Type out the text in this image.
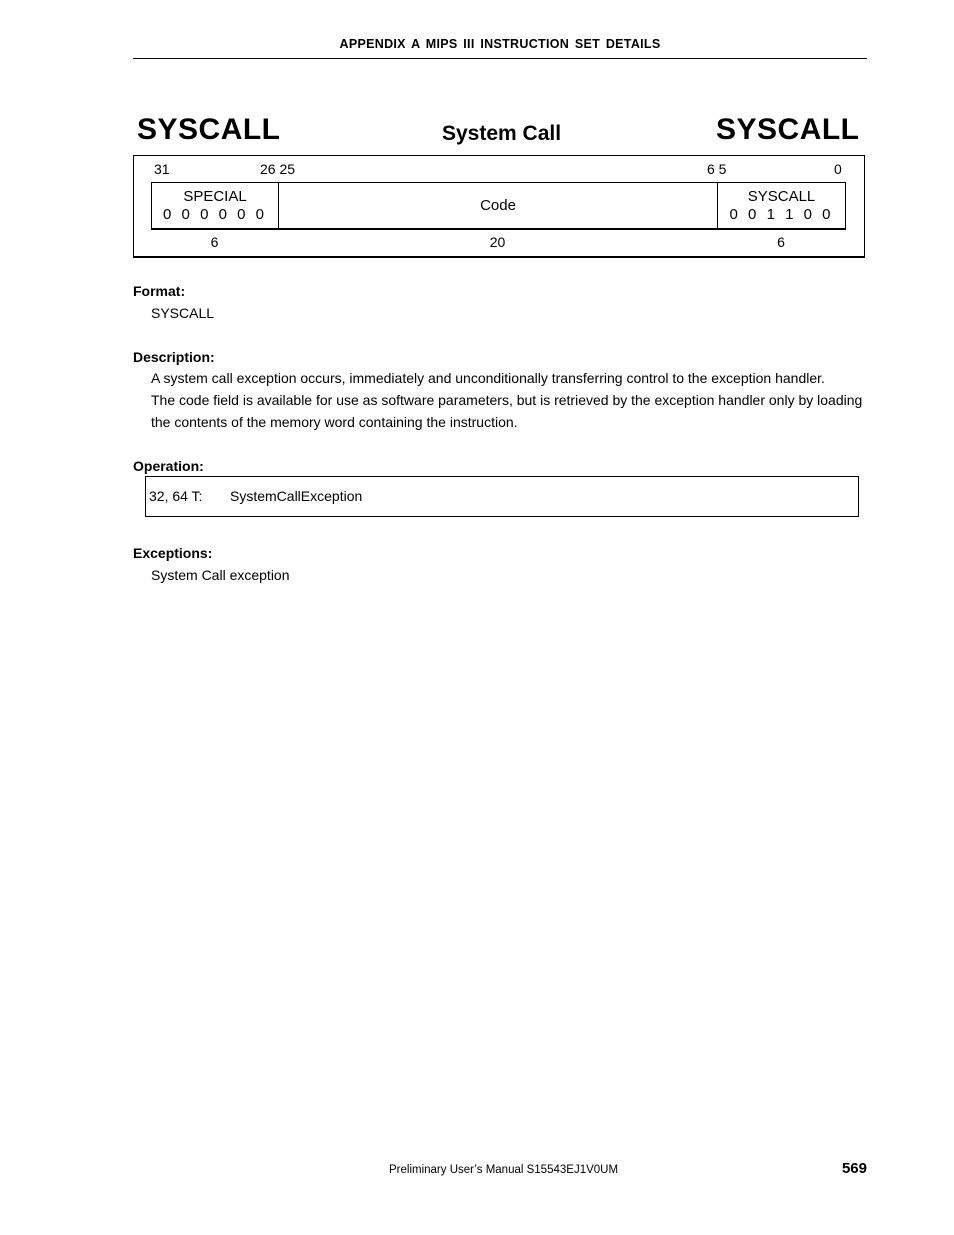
APPENDIX A MIPS III INSTRUCTION SET DETAILS
SYSCALL	System Call	SYSCALL
31	26 25	6 5	0
SPECIAL
0 0 0 0 0 0
Code
SYSCALL
0 0 1 1 0 0
6	20	6
Format:
SYSCALL
Description:
A system call exception occurs, immediately and unconditionally transferring control to the exception handler.
The code field is available for use as software parameters, but is retrieved by the exception handler only by loading
the contents of the memory word containing the instruction.
Operation:
32, 64 T: SystemCallException
Exceptions:
System Call exception
Preliminary User’s Manual S15543EJ1V0UM	569
